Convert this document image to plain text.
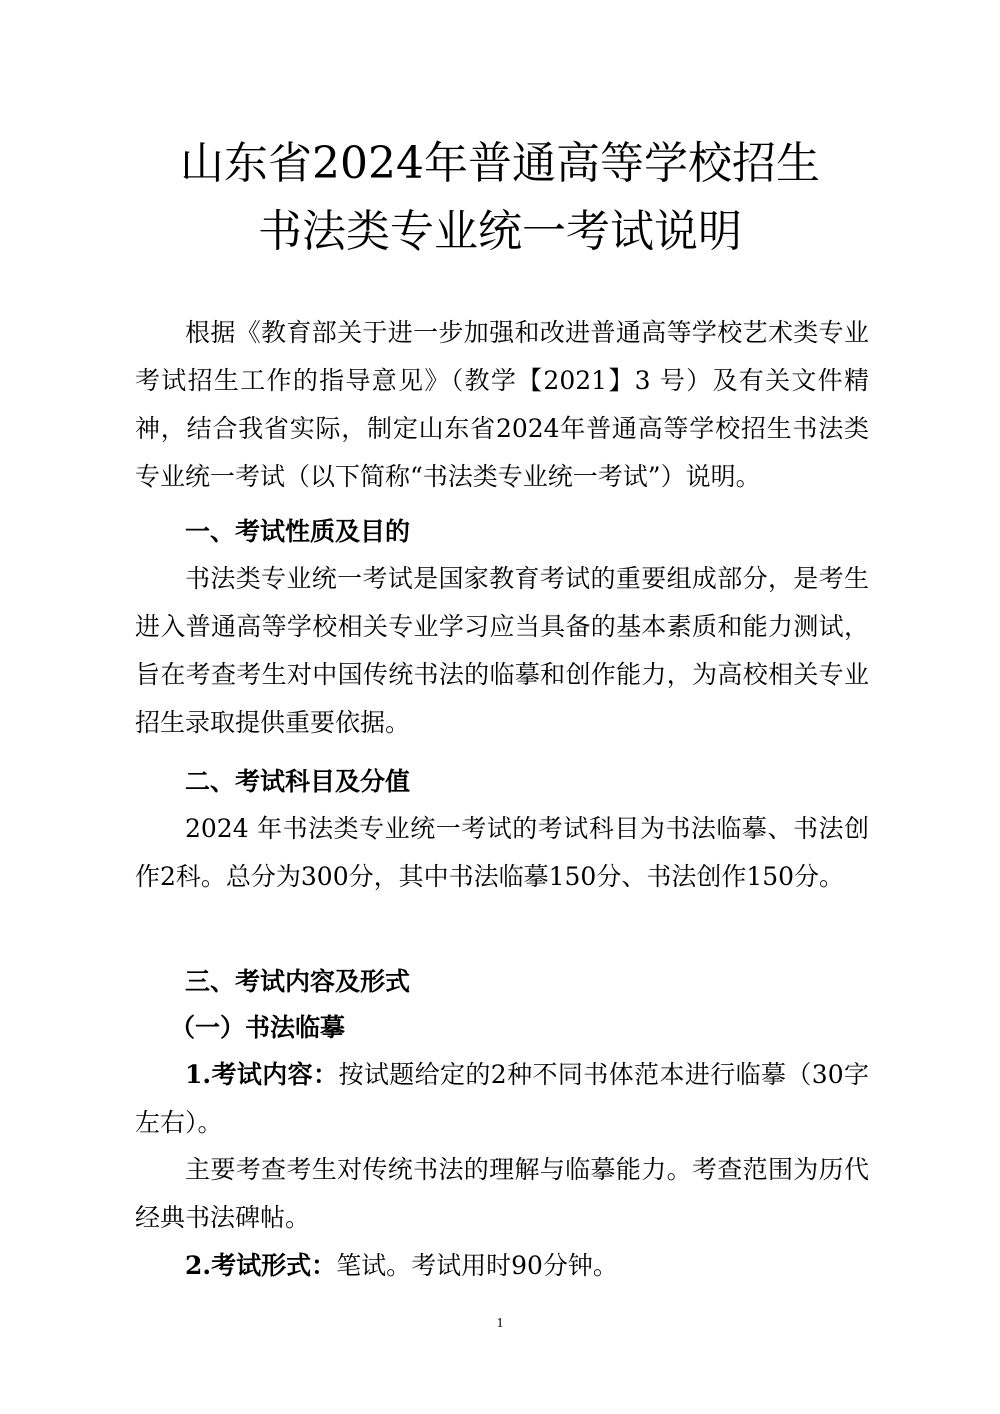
山东省2024年普通高等学校招生
书法类专业统一考试说明

根据《教育部关于进一步加强和改进普通高等学校艺术类专业考试招生工作的指导意见》（教学【2021】3 号）及有关文件精神，结合我省实际，制定山东省2024年普通高等学校招生书法类专业统一考试（以下简称“书法类专业统一考试”）说明。

一、考试性质及目的

书法类专业统一考试是国家教育考试的重要组成部分，是考生进入普通高等学校相关专业学习应当具备的基本素质和能力测试，旨在考查考生对中国传统书法的临摹和创作能力，为高校相关专业招生录取提供重要依据。

二、考试科目及分值

2024 年书法类专业统一考试的考试科目为书法临摹、书法创作2科。总分为300分，其中书法临摹150分、书法创作150分。

三、考试内容及形式
（一）书法临摹

1.考试内容：按试题给定的2种不同书体范本进行临摹（30字左右）。

主要考查考生对传统书法的理解与临摹能力。考查范围为历代经典书法碑帖。

2.考试形式：笔试。考试用时90分钟。

1
